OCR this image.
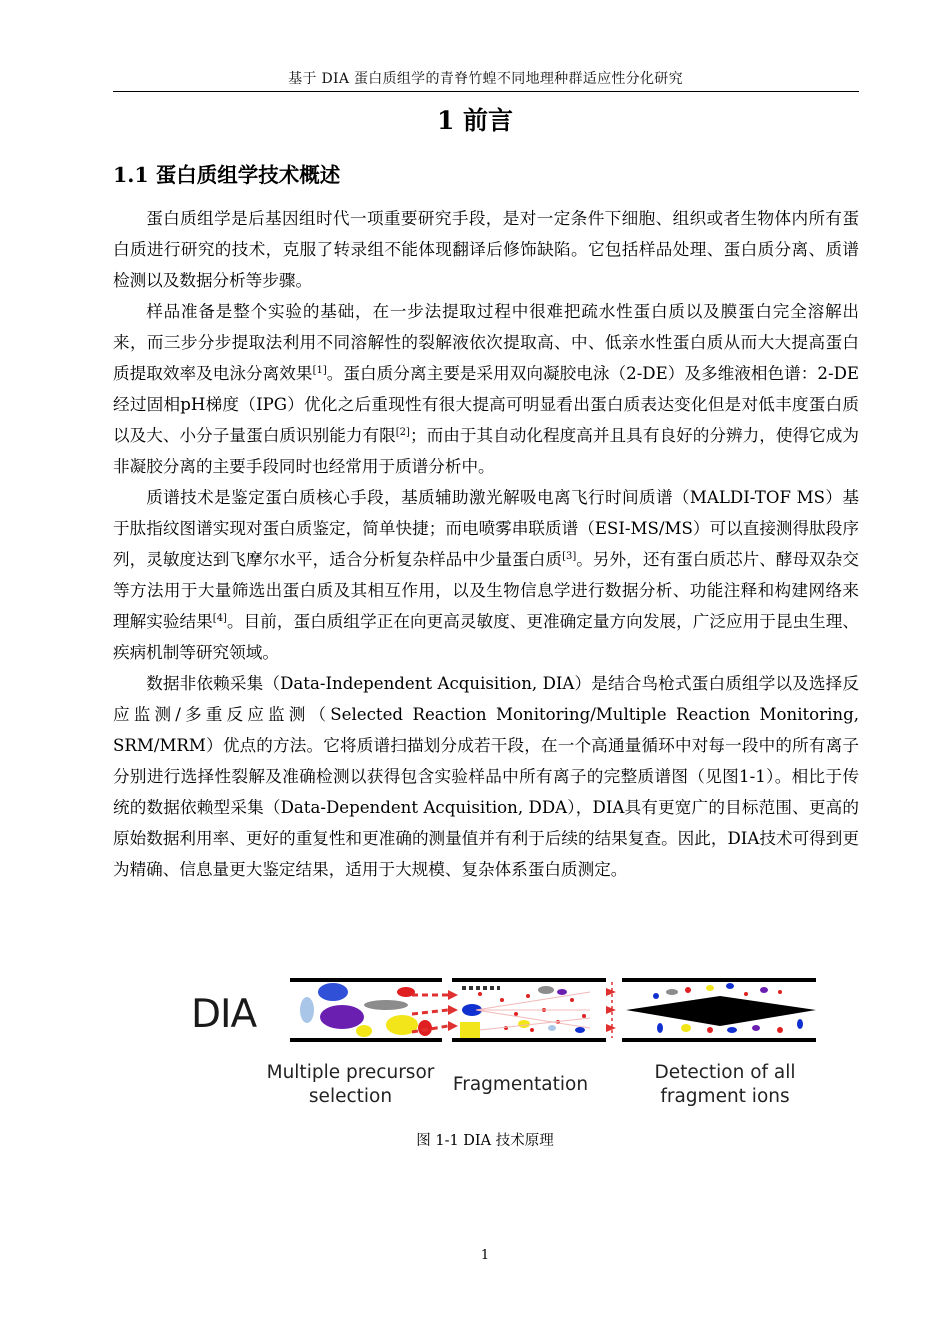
基于 DIA 蛋白质组学的青脊竹蝗不同地理种群适应性分化研究
1 前言
1.1 蛋白质组学技术概述

蛋白质组学是后基因组时代一项重要研究手段，是对一定条件下细胞、组织或者生物体内所有蛋白质进行研究的技术，克服了转录组不能体现翻译后修饰缺陷。它包括样品处理、蛋白质分离、质谱检测以及数据分析等步骤。

样品准备是整个实验的基础，在一步法提取过程中很难把疏水性蛋白质以及膜蛋白完全溶解出来，而三步分步提取法利用不同溶解性的裂解液依次提取高、中、低亲水性蛋白质从而大大提高蛋白质提取效率及电泳分离效果[1]。蛋白质分离主要是采用双向凝胶电泳（2-DE）及多维液相色谱：2-DE经过固相pH梯度（IPG）优化之后重现性有很大提高可明显看出蛋白质表达变化但是对低丰度蛋白质以及大、小分子量蛋白质识别能力有限[2]；而由于其自动化程度高并且具有良好的分辨力，使得它成为非凝胶分离的主要手段同时也经常用于质谱分析中。

质谱技术是鉴定蛋白质核心手段，基质辅助激光解吸电离飞行时间质谱（MALDI-TOF MS）基于肽指纹图谱实现对蛋白质鉴定，简单快捷；而电喷雾串联质谱（ESI-MS/MS）可以直接测得肽段序列，灵敏度达到飞摩尔水平，适合分析复杂样品中少量蛋白质[3]。另外，还有蛋白质芯片、酵母双杂交等方法用于大量筛选出蛋白质及其相互作用，以及生物信息学进行数据分析、功能注释和构建网络来理解实验结果[4]。目前，蛋白质组学正在向更高灵敏度、更准确定量方向发展，广泛应用于昆虫生理、疾病机制等研究领域。

数据非依赖采集（Data-Independent Acquisition, DIA）是结合鸟枪式蛋白质组学以及选择反应监测/多重反应监测（Selected Reaction Monitoring/Multiple Reaction Monitoring, SRM/MRM）优点的方法。它将质谱扫描划分成若干段，在一个高通量循环中对每一段中的所有离子分别进行选择性裂解及准确检测以获得包含实验样品中所有离子的完整质谱图（见图1-1）。相比于传统的数据依赖型采集（Data-Dependent Acquisition, DDA），DIA具有更宽广的目标范围、更高的原始数据利用率、更好的重复性和更准确的测量值并有利于后续的结果复查。因此，DIA技术可得到更为精确、信息量更大鉴定结果，适用于大规模、复杂体系蛋白质测定。

DIA
Multiple precursor
selection
Fragmentation
Detection of all
fragment ions
图 1-1 DIA 技术原理
1
